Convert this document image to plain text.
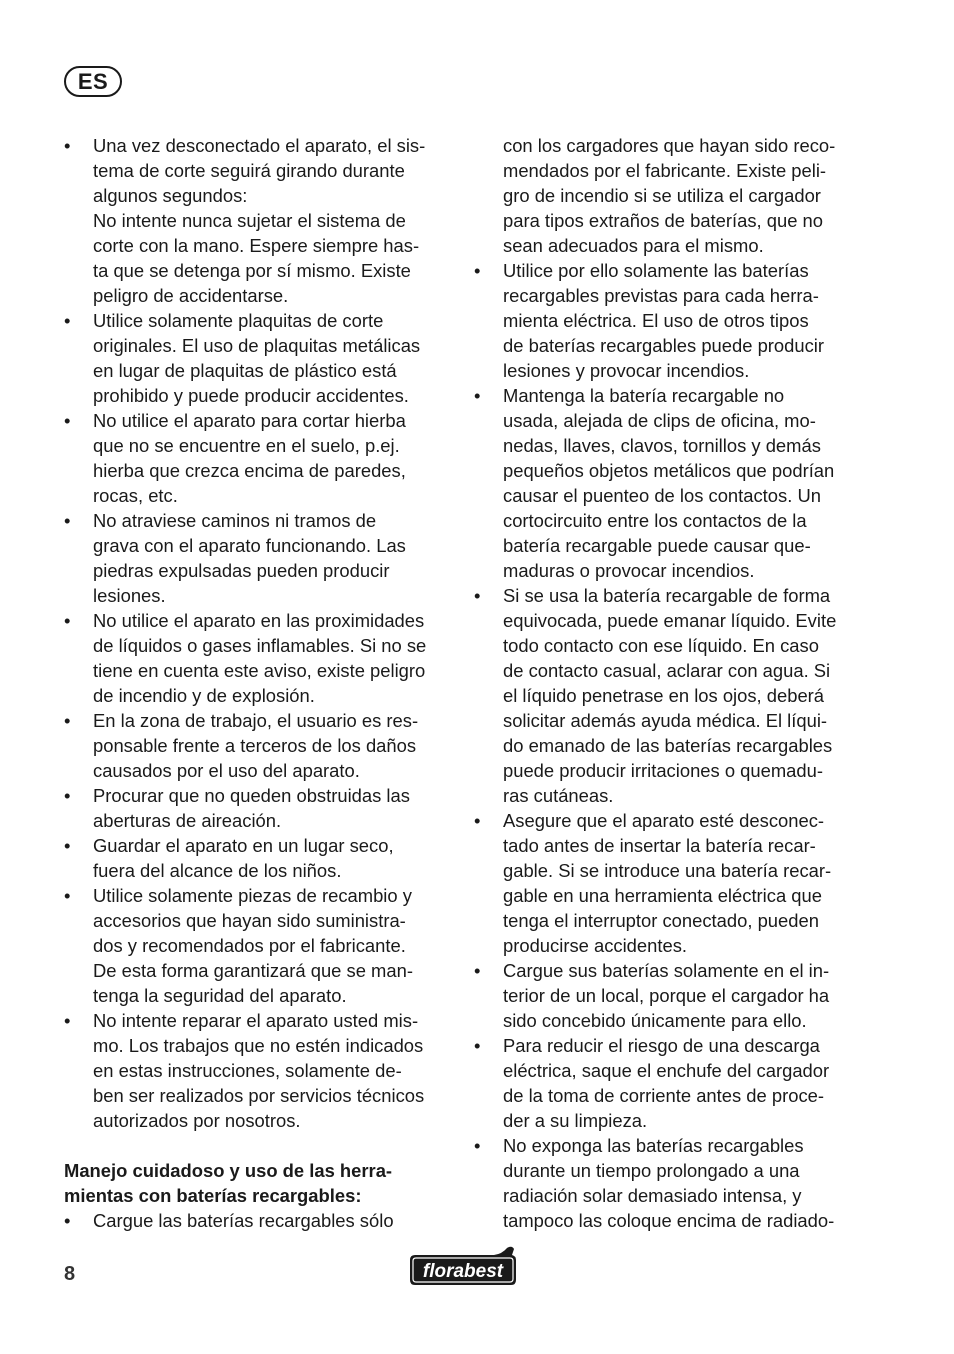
ES
• Una vez desconectado el aparato, el sis-
tema de corte seguirá girando durante
algunos segundos:
No intente nunca sujetar el sistema de
corte con la mano. Espere siempre has-
ta que se detenga por sí mismo. Existe
peligro de accidentarse.
• Utilice solamente plaquitas de corte
originales. El uso de plaquitas metálicas
en lugar de plaquitas de plástico está
prohibido y puede producir accidentes.
• No utilice el aparato para cortar hierba
que no se encuentre en el suelo, p.ej.
hierba que crezca encima de paredes,
rocas, etc.
• No atraviese caminos ni tramos de
grava con el aparato funcionando. Las
piedras expulsadas pueden producir
lesiones.
• No utilice el aparato en las proximidades
de líquidos o gases inflamables. Si no se
tiene en cuenta este aviso, existe peligro
de incendio y de explosión.
• En la zona de trabajo, el usuario es res-
ponsable frente a terceros de los daños
causados por el uso del aparato.
• Procurar que no queden obstruidas las
aberturas de aireación.
• Guardar el aparato en un lugar seco,
fuera del alcance de los niños.
• Utilice solamente piezas de recambio y
accesorios que hayan sido suministra-
dos y recomendados por el fabricante.
De esta forma garantizará que se man-
tenga la seguridad del aparato.
• No intente reparar el aparato usted mis-
mo. Los trabajos que no estén indicados
en estas instrucciones, solamente de-
ben ser realizados por servicios técnicos
autorizados por nosotros.
Manejo cuidadoso y uso de las herra-
mientas con baterías recargables:
• Cargue las baterías recargables sólo
con los cargadores que hayan sido reco-
mendados por el fabricante. Existe peli-
gro de incendio si se utiliza el cargador
para tipos extraños de baterías, que no
sean adecuados para el mismo.
• Utilice por ello solamente las baterías
recargables previstas para cada herra-
mienta eléctrica. El uso de otros tipos
de baterías recargables puede producir
lesiones y provocar incendios.
• Mantenga la batería recargable no
usada, alejada de clips de oficina, mo-
nedas, llaves, clavos, tornillos y demás
pequeños objetos metálicos que podrían
causar el puenteo de los contactos. Un
cortocircuito entre los contactos de la
batería recargable puede causar que-
maduras o provocar incendios.
• Si se usa la batería recargable de forma
equivocada, puede emanar líquido. Evite
todo contacto con ese líquido. En caso
de contacto casual, aclarar con agua. Si
el líquido penetrase en los ojos, deberá
solicitar además ayuda médica. El líqui-
do emanado de las baterías recargables
puede producir irritaciones o quemadu-
ras cutáneas.
• Asegure que el aparato esté desconec-
tado antes de insertar la batería recar-
gable. Si se introduce una batería recar-
gable en una herramienta eléctrica que
tenga el interruptor conectado, pueden
producirse accidentes.
• Cargue sus baterías solamente en el in-
terior de un local, porque el cargador ha
sido concebido únicamente para ello.
• Para reducir el riesgo de una descarga
eléctrica, saque el enchufe del cargador
de la toma de corriente antes de proce-
der a su limpieza.
• No exponga las baterías recargables
durante un tiempo prolongado a una
radiación solar demasiado intensa, y
tampoco las coloque encima de radiado-
8	florabest
